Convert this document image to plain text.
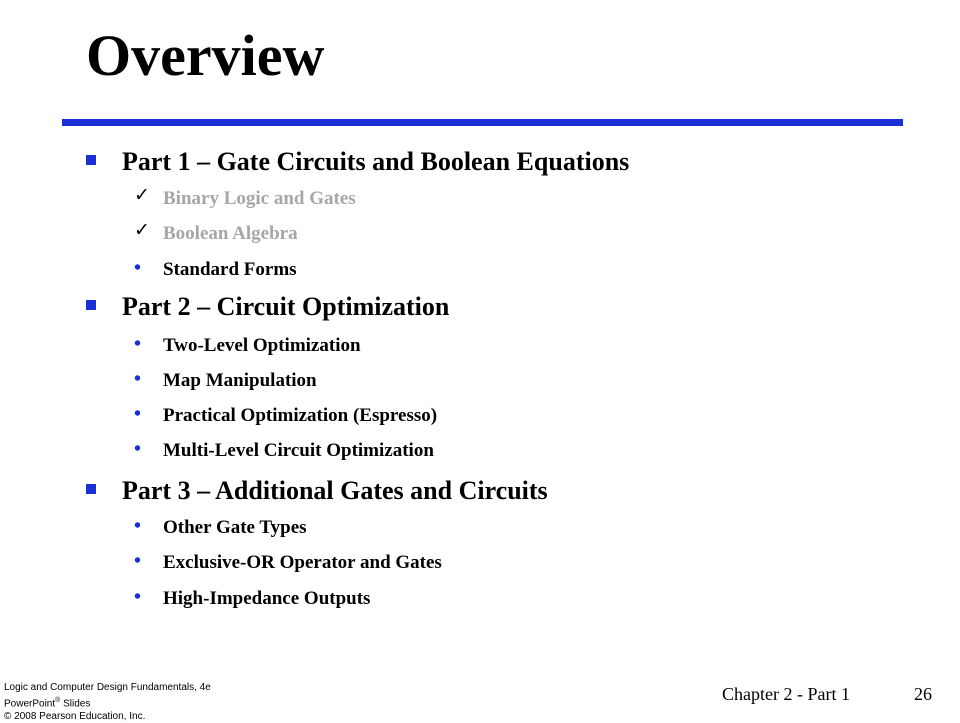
Overview
Part 1 – Gate Circuits and Boolean Equations
✓ Binary Logic and Gates
✓ Boolean Algebra
• Standard Forms
Part 2 – Circuit Optimization
• Two-Level Optimization
• Map Manipulation
• Practical Optimization (Espresso)
• Multi-Level Circuit Optimization
Part 3 – Additional Gates and Circuits
• Other Gate Types
• Exclusive-OR Operator and Gates
• High-Impedance Outputs
Logic and Computer Design Fundamentals, 4e
PowerPoint® Slides
© 2008 Pearson Education, Inc.
Chapter 2 - Part 1	26
